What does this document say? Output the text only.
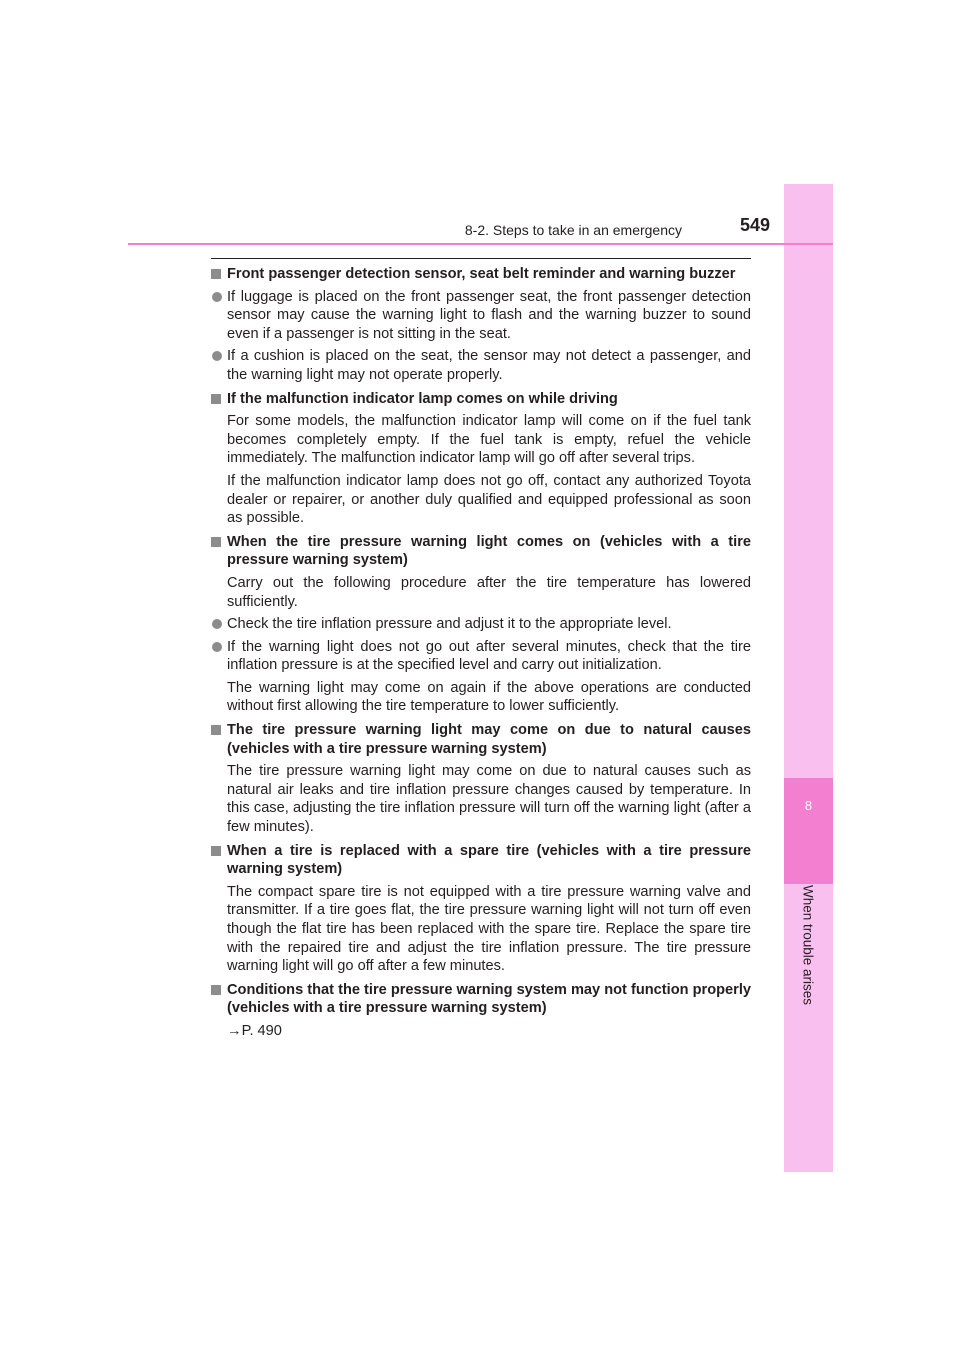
8
When trouble arises
8-2. Steps to take in an emergency	549
Front passenger detection sensor, seat belt reminder and warning buzzer
If luggage is placed on the front passenger seat, the front passenger detection sensor may cause the warning light to flash and the warning buzzer to sound even if a passenger is not sitting in the seat.
If a cushion is placed on the seat, the sensor may not detect a passenger, and the warning light may not operate properly.
If the malfunction indicator lamp comes on while driving
For some models, the malfunction indicator lamp will come on if the fuel tank becomes completely empty. If the fuel tank is empty, refuel the vehicle immediately. The malfunction indicator lamp will go off after several trips.
If the malfunction indicator lamp does not go off, contact any authorized Toyota dealer or repairer, or another duly qualified and equipped professional as soon as possible.
When the tire pressure warning light comes on (vehicles with a tire pressure warning system)
Carry out the following procedure after the tire temperature has lowered sufficiently.
Check the tire inflation pressure and adjust it to the appropriate level.
If the warning light does not go out after several minutes, check that the tire inflation pressure is at the specified level and carry out initialization.
The warning light may come on again if the above operations are conducted without first allowing the tire temperature to lower sufficiently.
The tire pressure warning light may come on due to natural causes (vehicles with a tire pressure warning system)
The tire pressure warning light may come on due to natural causes such as natural air leaks and tire inflation pressure changes caused by temperature. In this case, adjusting the tire inflation pressure will turn off the warning light (after a few minutes).
When a tire is replaced with a spare tire (vehicles with a tire pressure warning system)
The compact spare tire is not equipped with a tire pressure warning valve and transmitter. If a tire goes flat, the tire pressure warning light will not turn off even though the flat tire has been replaced with the spare tire. Replace the spare tire with the repaired tire and adjust the tire inflation pressure. The tire pressure warning light will go off after a few minutes.
Conditions that the tire pressure warning system may not function properly (vehicles with a tire pressure warning system)
→P. 490
